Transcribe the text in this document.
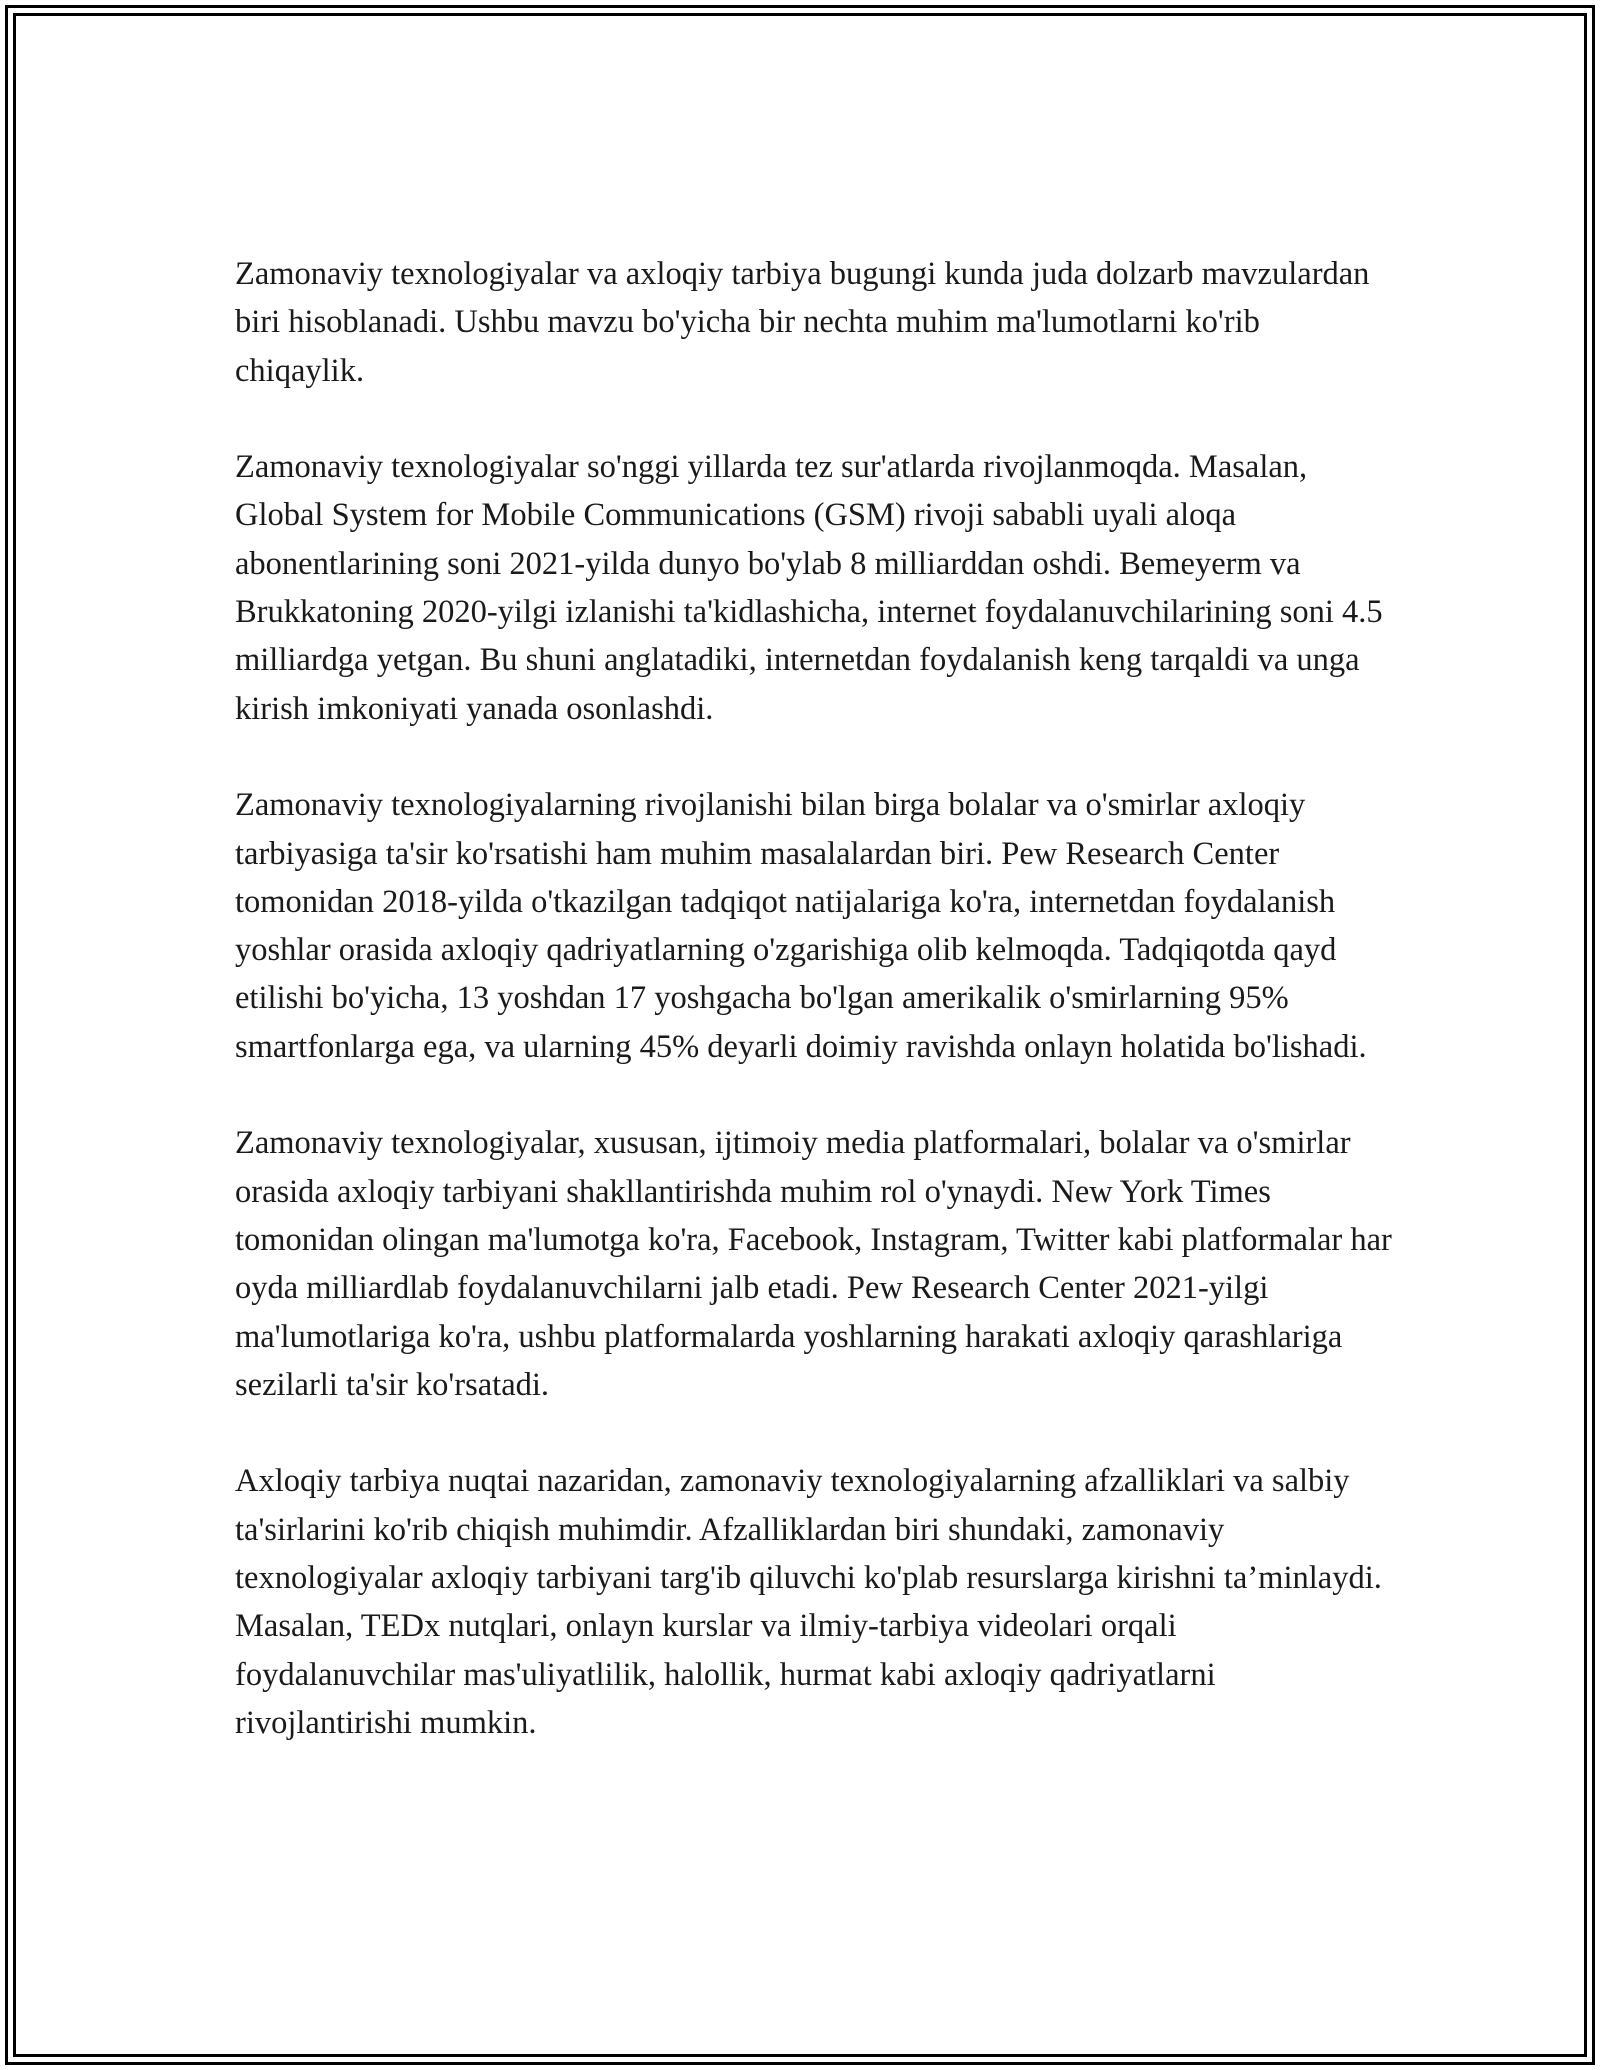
Zamonaviy texnologiyalar va axloqiy tarbiya bugungi kunda juda dolzarb mavzulardan biri hisoblanadi. Ushbu mavzu bo'yicha bir nechta muhim ma'lumotlarni ko'rib chiqaylik.

Zamonaviy texnologiyalar so'nggi yillarda tez sur'atlarda rivojlanmoqda. Masalan, Global System for Mobile Communications (GSM) rivoji sababli uyali aloqa abonentlarining soni 2021-yilda dunyo bo'ylab 8 milliarddan oshdi. Bemeyerm va Brukkatoning 2020-yilgi izlanishi ta'kidlashicha, internet foydalanuvchilarining soni 4.5 milliardga yetgan. Bu shuni anglatadiki, internetdan foydalanish keng tarqaldi va unga kirish imkoniyati yanada osonlashdi.

Zamonaviy texnologiyalarning rivojlanishi bilan birga bolalar va o'smirlar axloqiy tarbiyasiga ta'sir ko'rsatishi ham muhim masalalardan biri. Pew Research Center tomonidan 2018-yilda o'tkazilgan tadqiqot natijalariga ko'ra, internetdan foydalanish yoshlar orasida axloqiy qadriyatlarning o'zgarishiga olib kelmoqda. Tadqiqotda qayd etilishi bo'yicha, 13 yoshdan 17 yoshgacha bo'lgan amerikalik o'smirlarning 95% smartfonlarga ega, va ularning 45% deyarli doimiy ravishda onlayn holatida bo'lishadi.

Zamonaviy texnologiyalar, xususan, ijtimoiy media platformalari, bolalar va o'smirlar orasida axloqiy tarbiyani shakllantirishda muhim rol o'ynaydi. New York Times tomonidan olingan ma'lumotga ko'ra, Facebook, Instagram, Twitter kabi platformalar har oyda milliardlab foydalanuvchilarni jalb etadi. Pew Research Center 2021-yilgi ma'lumotlariga ko'ra, ushbu platformalarda yoshlarning harakati axloqiy qarashlariga sezilarli ta'sir ko'rsatadi.

Axloqiy tarbiya nuqtai nazaridan, zamonaviy texnologiyalarning afzalliklari va salbiy ta'sirlarini ko'rib chiqish muhimdir. Afzalliklardan biri shundaki, zamonaviy texnologiyalar axloqiy tarbiyani targ'ib qiluvchi ko'plab resurslarga kirishni ta’minlaydi. Masalan, TEDx nutqlari, onlayn kurslar va ilmiy-tarbiya videolari orqali foydalanuvchilar mas'uliyatlilik, halollik, hurmat kabi axloqiy qadriyatlarni rivojlantirishi mumkin.
